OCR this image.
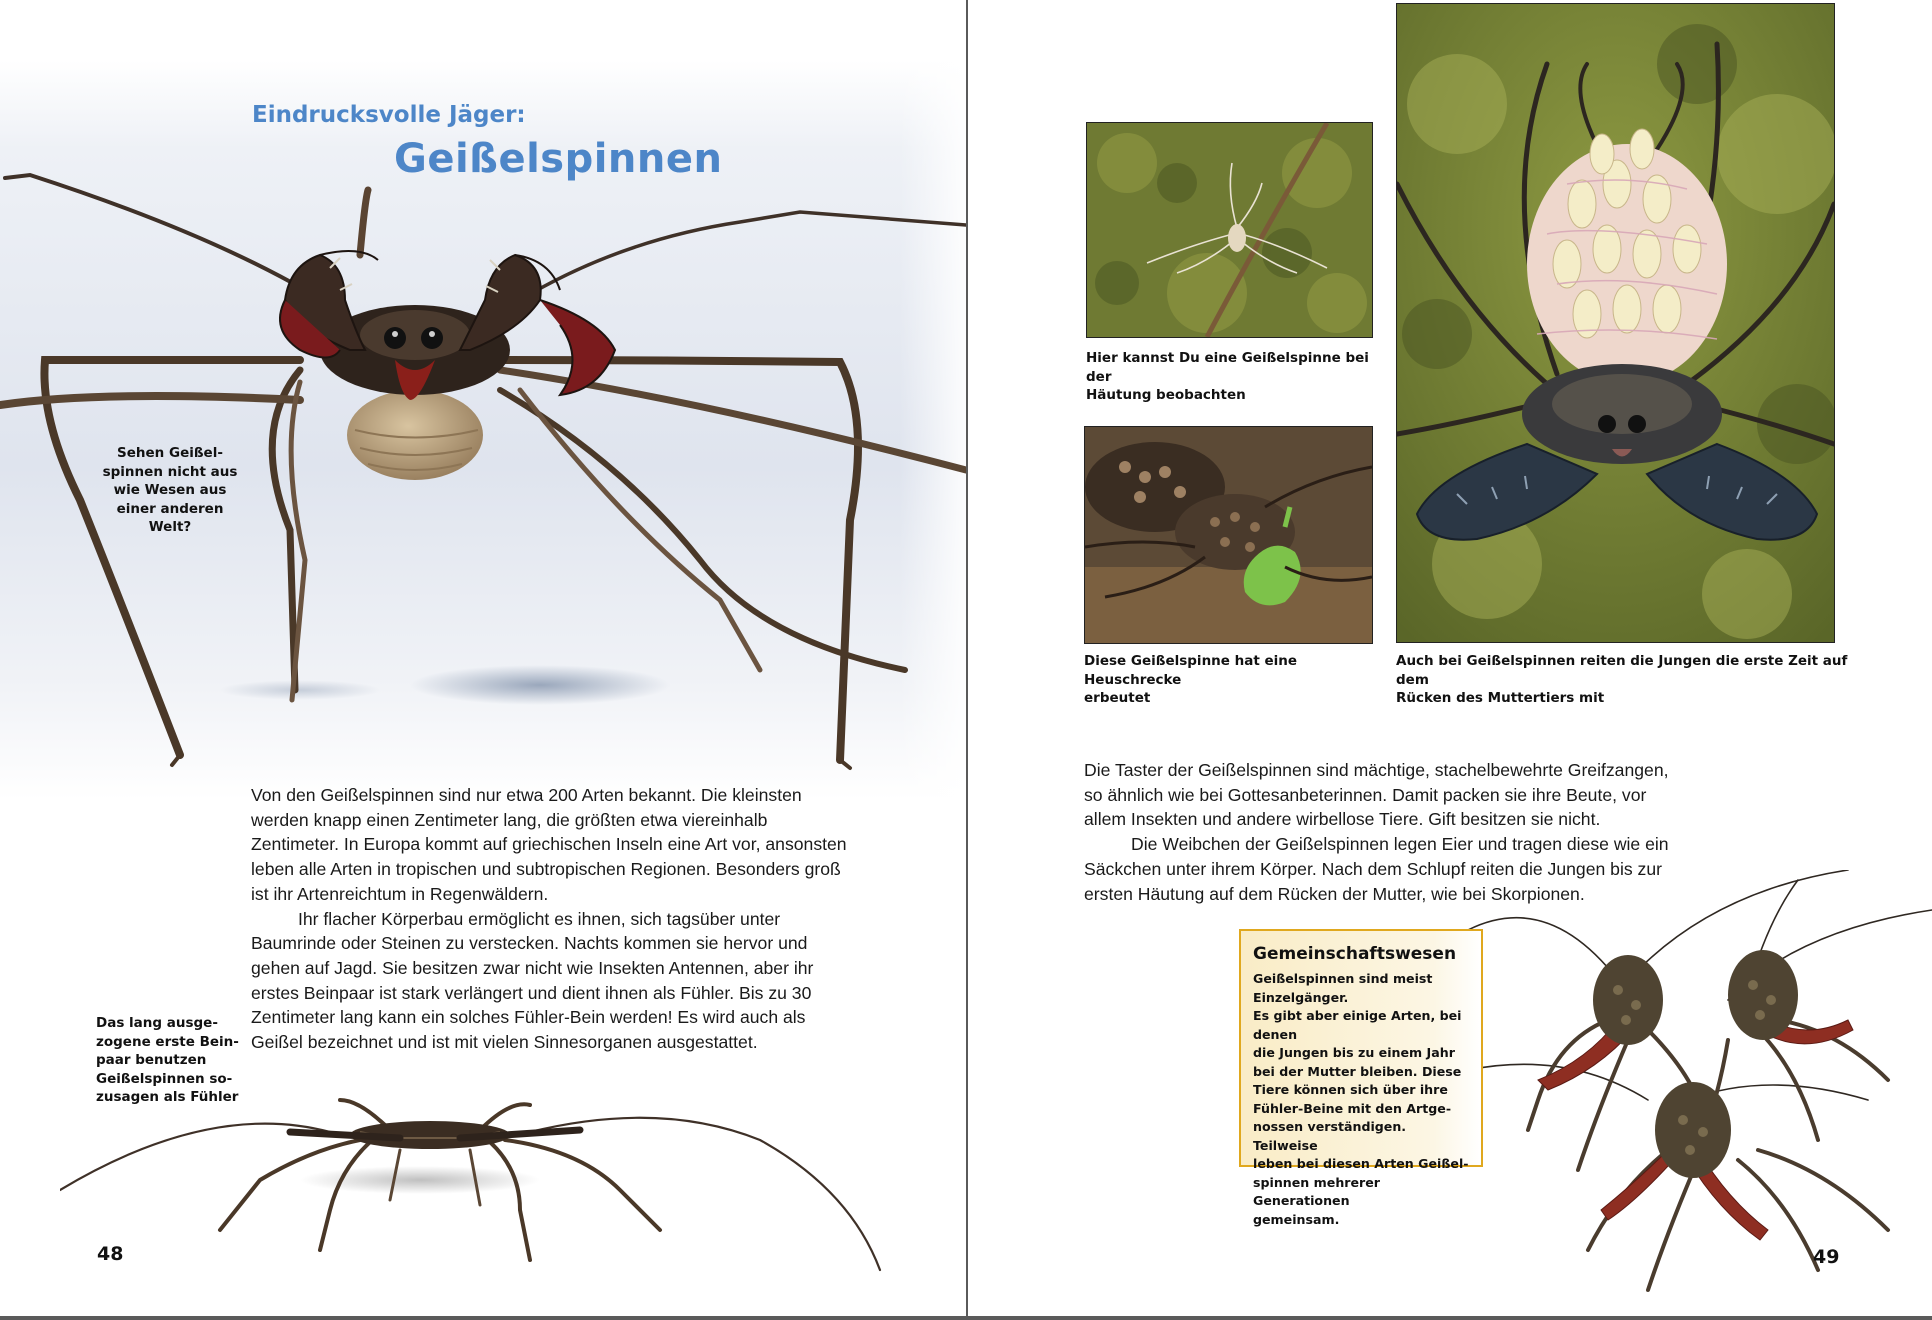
Eindrucksvolle Jäger:
Geißelspinnen
Sehen Geißel-
spinnen nicht aus
wie Wesen aus
einer anderen
Welt?

Von den Geißelspinnen sind nur etwa 200 Arten bekannt. Die kleinsten werden knapp einen Zentimeter lang, die größten etwa viereinhalb Zentimeter. In Europa kommt auf griechischen Inseln eine Art vor, ansonsten leben alle Arten in tropischen und subtropischen Regionen. Besonders groß ist ihr Artenreichtum in Regenwäldern.

Ihr flacher Körperbau ermöglicht es ihnen, sich tagsüber unter Baumrinde oder Steinen zu verstecken. Nachts kommen sie hervor und gehen auf Jagd. Sie besitzen zwar nicht wie Insekten Antennen, aber ihr erstes Beinpaar ist stark verlängert und dient ihnen als Fühler. Bis zu 30 Zentimeter lang kann ein solches Fühler-Bein werden! Es wird auch als Geißel bezeichnet und ist mit vielen Sinnesorganen ausgestattet.

Das lang ausge-
zogene erste Bein-
paar benutzen
Geißelspinnen so-
zusagen als Fühler
48
Hier kannst Du eine Geißelspinne bei der
Häutung beobachten
Diese Geißelspinne hat eine Heuschrecke
erbeutet
Auch bei Geißelspinnen reiten die Jungen die erste Zeit auf dem
Rücken des Muttertiers mit

Die Taster der Geißelspinnen sind mächtige, stachelbewehrte Greifzangen, so ähnlich wie bei Gottesanbeterinnen. Damit packen sie ihre Beute, vor allem Insekten und andere wirbellose Tiere. Gift besitzen sie nicht.

Die Weibchen der Geißelspinnen legen Eier und tragen diese wie ein Säckchen unter ihrem Körper. Nach dem Schlupf reiten die Jungen bis zur ersten Häutung auf dem Rücken der Mutter, wie bei Skorpionen.

Gemeinschaftswesen
Geißelspinnen sind meist Einzelgänger.
Es gibt aber einige Arten, bei denen
die Jungen bis zu einem Jahr
bei der Mutter bleiben. Diese
Tiere können sich über ihre
Fühler-Beine mit den Artge-
nossen verständigen. Teilweise
leben bei diesen Arten Geißel-
spinnen mehrerer Generationen
gemeinsam.
49
